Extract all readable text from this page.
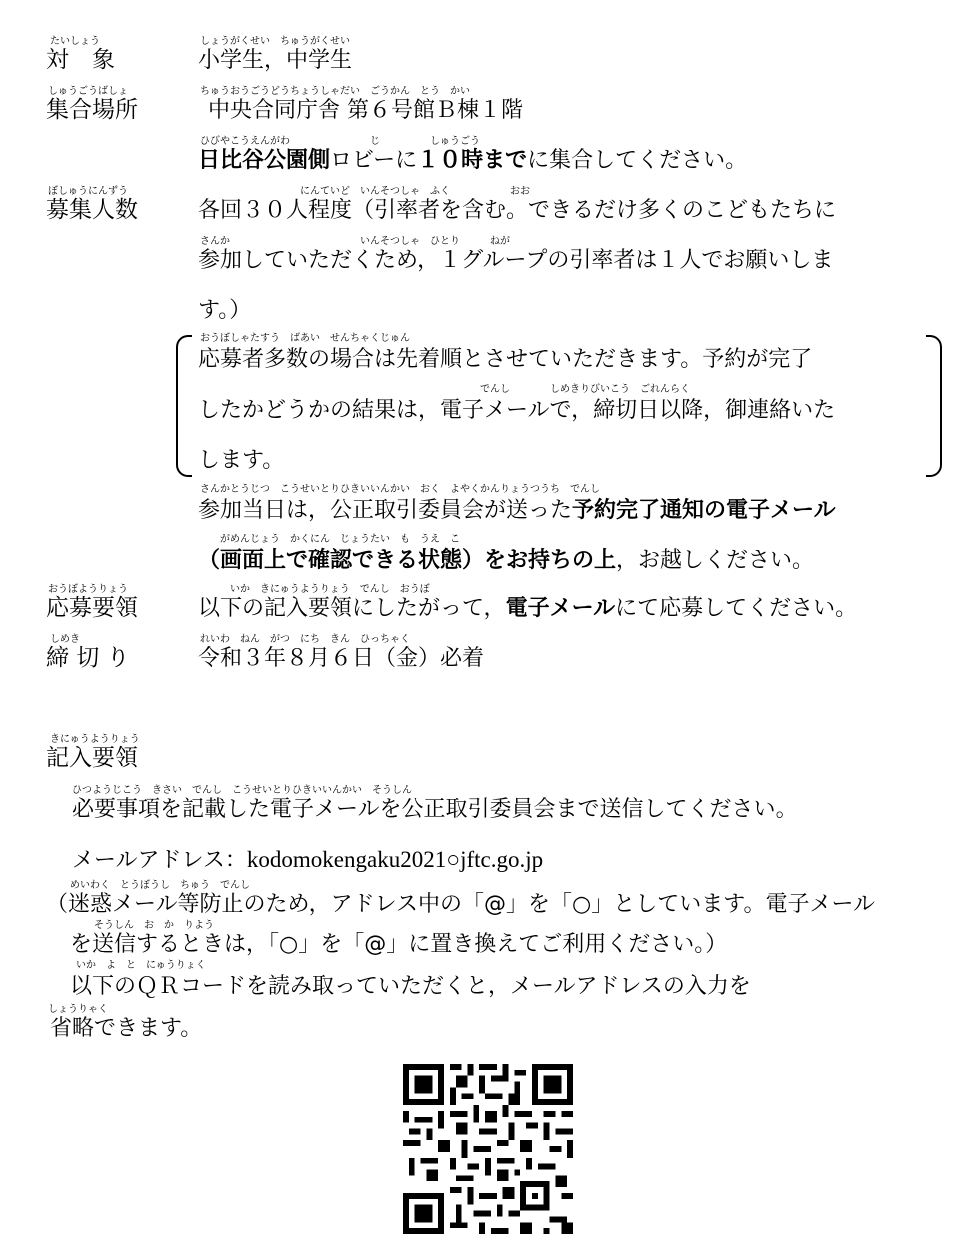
たいしょう
対　象
しょうがくせい　ちゅうがくせい
小学生，中学生
しゅうごうばしょ
集合場所
ちゅうおうごうどうちょうしゃだい　ごうかん　とう　かい
中央合同庁舎 第６号館Ｂ棟１階
ひびやこうえんがわ　　　　　　　　じ　　　　　しゅうごう
日比谷公園側ロビーに１０時までに集合してください。
ぼしゅうにんずう
募集人数
にんていど　いんそつしゃ　ふく　　　　　　おお
各回３０人程度（引率者を含む。できるだけ多くのこどもたちに
さんか　　　　　　　　　　　　　いんそつしゃ　ひとり　　　ねが
参加していただくため，１グループの引率者は１人でお願いしま
す。）
おうぼしゃたすう　ばあい　せんちゃくじゅん
応募者多数の場合は先着順とさせていただきます。予約が完了
でんし　　　　しめきりびいこう　ごれんらく
したかどうかの結果は，電子メールで，締切日以降，御連絡いた
します。
さんかとうじつ　こうせいとりひきいいんかい　おく　よやくかんりょうつうち　でんし
参加当日は，公正取引委員会が送った予約完了通知の電子メール
がめんじょう　かくにん　じょうたい　も　うえ　こ
（画面上で確認できる状態）をお持ちの上，お越しください。
おうぼようりょう
応募要領
いか　きにゅうようりょう　でんし　おうぼ
以下の記入要領にしたがって，電子メールにて応募してください。
しめき
締 切 り
れいわ　ねん　がつ　にち　きん　ひっちゃく
令和３年８月６日（金）必着
きにゅうようりょう
記入要領
ひつようじこう　きさい　でんし　こうせいとりひきいいんかい　そうしん
必要事項を記載した電子メールを公正取引委員会まで送信してください。
メールアドレス：kodomokengaku2021○jftc.go.jp
めいわく　とうぼうし　ちゅう　でんし
（迷惑メール等防止のため，アドレス中の「@」を「○」としています。電子メール
そうしん　お　か　りよう
を送信するときは，「○」を「@」に置き換えてご利用ください。）
いか　よ　と　にゅうりょく
以下のＱＲコードを読み取っていただくと，メールアドレスの入力を
しょうりゃく
省略できます。
